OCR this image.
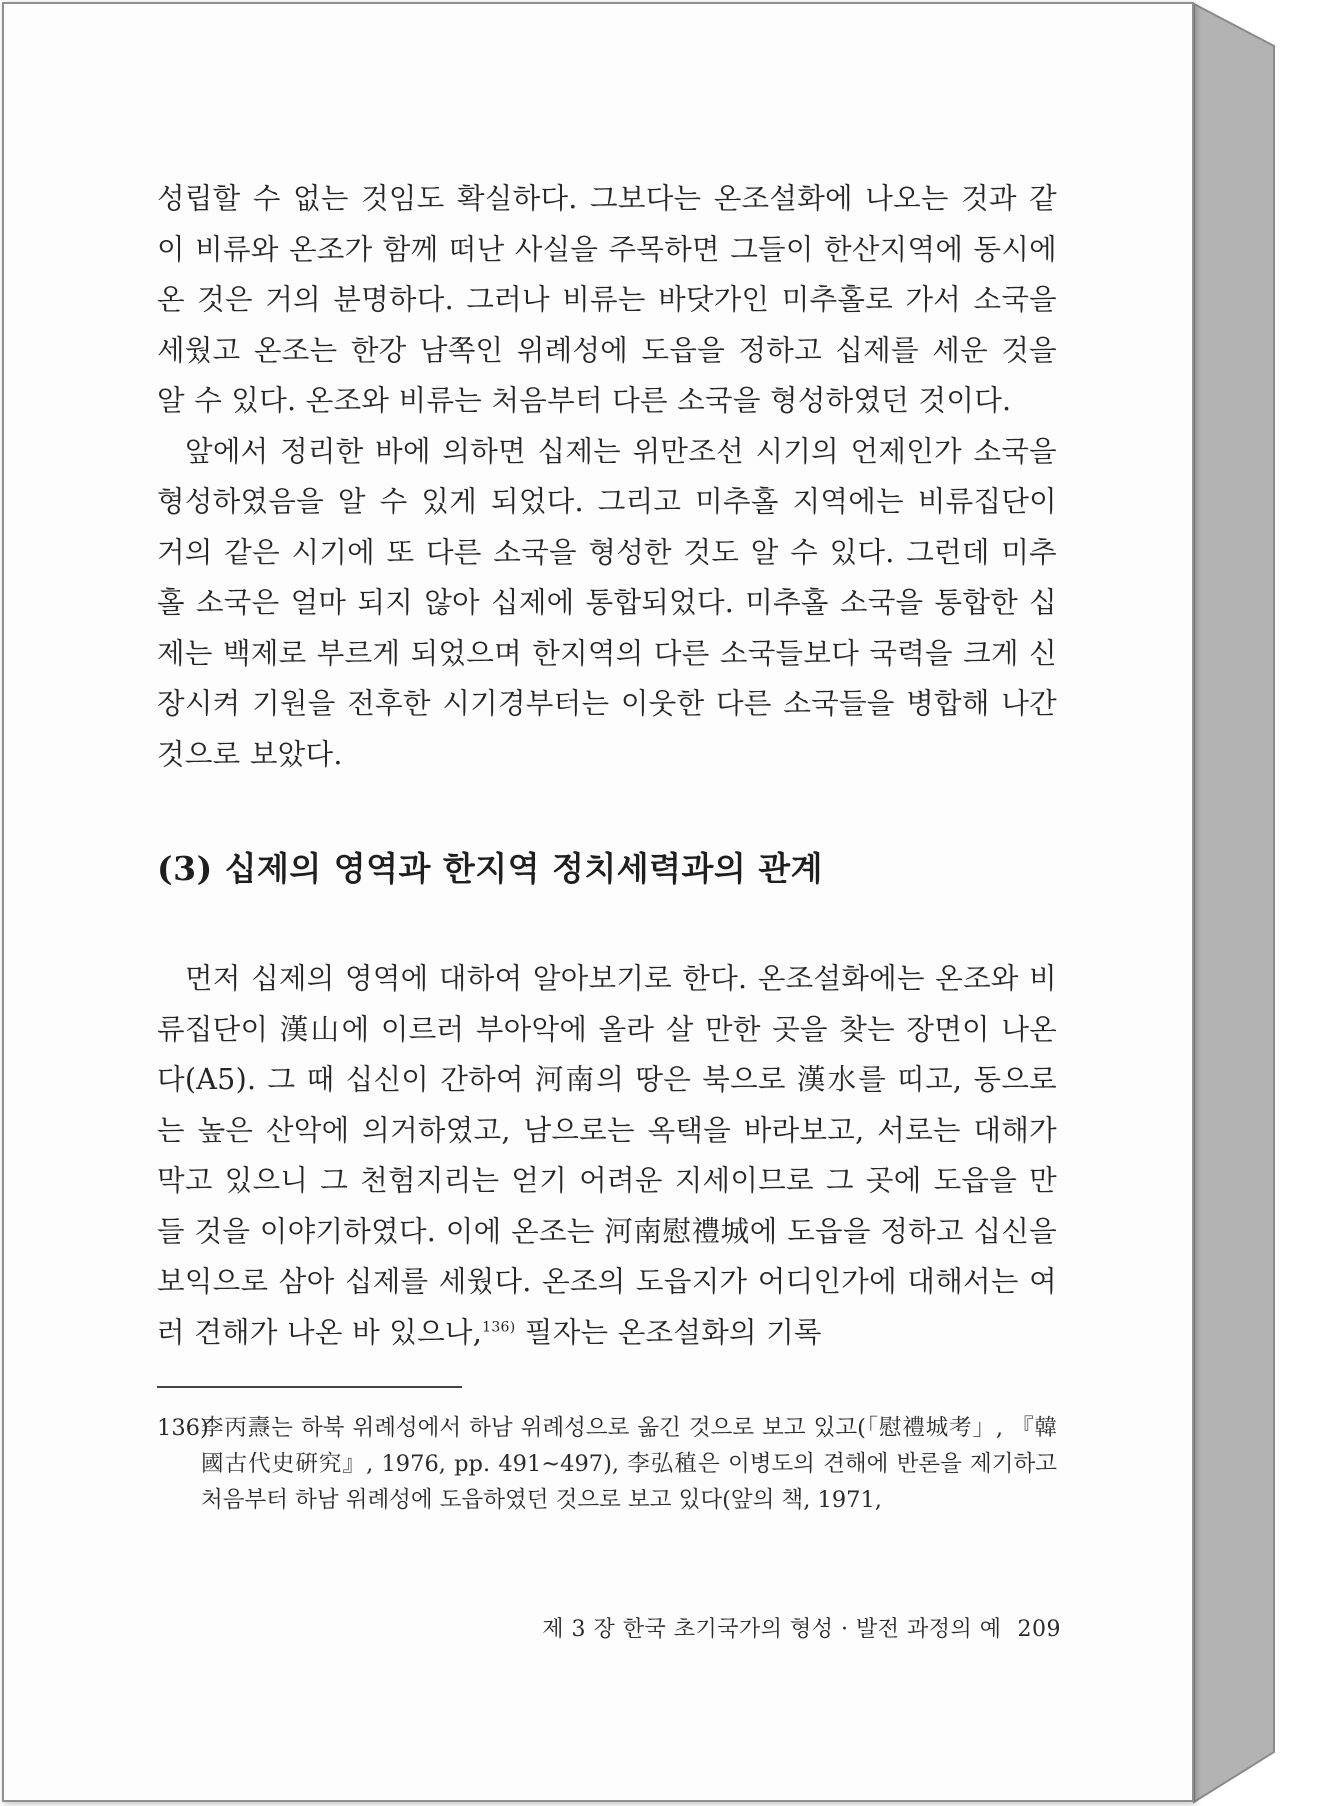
성립할 수 없는 것임도 확실하다. 그보다는 온조설화에 나오는 것과 같이 비류와 온조가 함께 떠난 사실을 주목하면 그들이 한산지역에 동시에 온 것은 거의 분명하다. 그러나 비류는 바닷가인 미추홀로 가서 소국을 세웠고 온조는 한강 남쪽인 위례성에 도읍을 정하고 십제를 세운 것을 알 수 있다. 온조와 비류는 처음부터 다른 소국을 형성하였던 것이다.

앞에서 정리한 바에 의하면 십제는 위만조선 시기의 언제인가 소국을 형성하였음을 알 수 있게 되었다. 그리고 미추홀 지역에는 비류집단이 거의 같은 시기에 또 다른 소국을 형성한 것도 알 수 있다. 그런데 미추홀 소국은 얼마 되지 않아 십제에 통합되었다. 미추홀 소국을 통합한 십제는 백제로 부르게 되었으며 한지역의 다른 소국들보다 국력을 크게 신장시켜 기원을 전후한 시기경부터는 이웃한 다른 소국들을 병합해 나간 것으로 보았다.

(3) 십제의 영역과 한지역 정치세력과의 관계

먼저 십제의 영역에 대하여 알아보기로 한다. 온조설화에는 온조와 비류집단이 漢山에 이르러 부아악에 올라 살 만한 곳을 찾는 장면이 나온다(A5). 그 때 십신이 간하여 河南의 땅은 북으로 漢水를 띠고, 동으로는 높은 산악에 의거하였고, 남으로는 옥택을 바라보고, 서로는 대해가 막고 있으니 그 천험지리는 얻기 어려운 지세이므로 그 곳에 도읍을 만들 것을 이야기하였다. 이에 온조는 河南慰禮城에 도읍을 정하고 십신을 보익으로 삼아 십제를 세웠다. 온조의 도읍지가 어디인가에 대해서는 여러 견해가 나온 바 있으나,$^{136)}$ 필자는 온조설화의 기록

136)
李丙燾는 하북 위례성에서 하남 위례성으로 옮긴 것으로 보고 있고(「慰禮城考」, 『韓國古代史硏究』, 1976, pp. 491~497), 李弘稙은 이병도의 견해에 반론을 제기하고 처음부터 하남 위례성에 도읍하였던 것으로 보고 있다(앞의 책, 1971,
제 3 장 한국 초기국가의 형성 · 발전 과정의 예 209
